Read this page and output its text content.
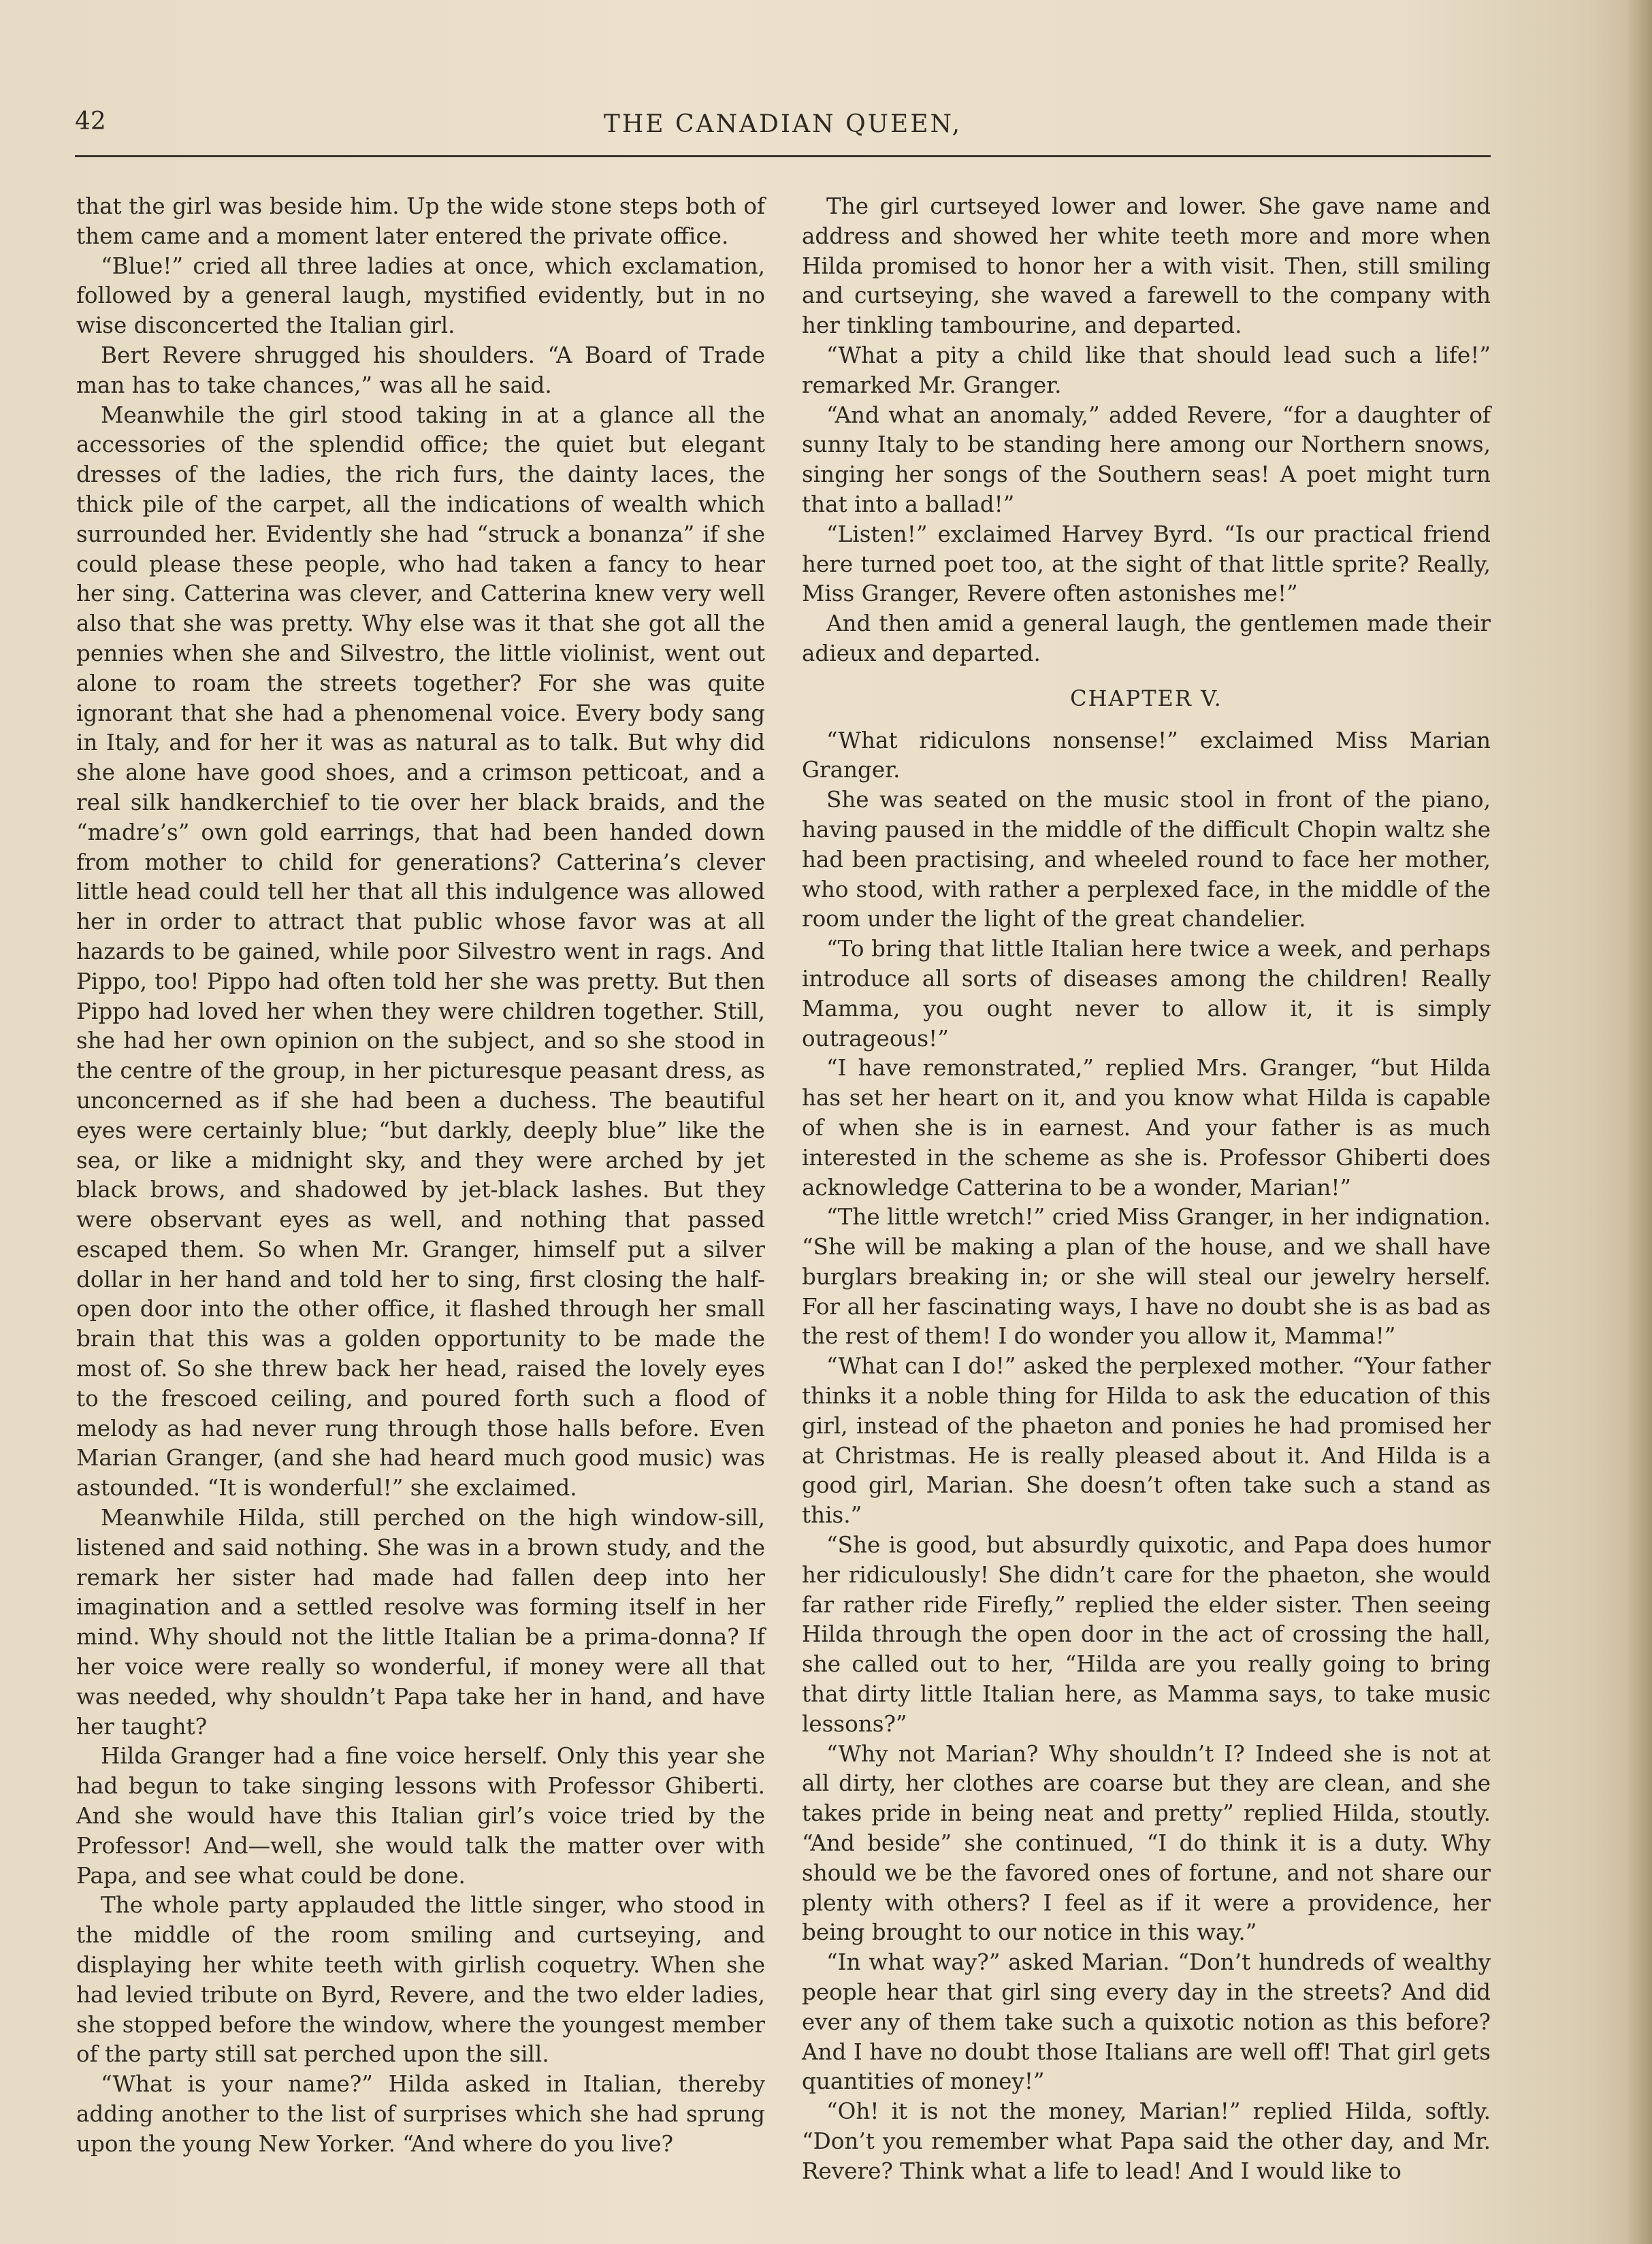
42	THE CANADIAN QUEEN,

that the girl was beside him. Up the wide stone steps both of them came and a moment later entered the private office.

“Blue!” cried all three ladies at once, which exclamation, followed by a general laugh, mystified evidently, but in no wise disconcerted the Italian girl.

Bert Revere shrugged his shoulders. “A Board of Trade man has to take chances,” was all he said.

Meanwhile the girl stood taking in at a glance all the accessories of the splendid office; the quiet but elegant dresses of the ladies, the rich furs, the dainty laces, the thick pile of the carpet, all the indications of wealth which surrounded her. Evidently she had “struck a bonanza” if she could please these people, who had taken a fancy to hear her sing. Catterina was clever, and Catterina knew very well also that she was pretty. Why else was it that she got all the pennies when she and Silvestro, the little violinist, went out alone to roam the streets together? For she was quite ignorant that she had a phenomenal voice. Every body sang in Italy, and for her it was as natural as to talk. But why did she alone have good shoes, and a crimson petticoat, and a real silk handkerchief to tie over her black braids, and the “madre’s” own gold earrings, that had been handed down from mother to child for generations? Catterina’s clever little head could tell her that all this indulgence was allowed her in order to attract that public whose favor was at all hazards to be gained, while poor Silvestro went in rags. And Pippo, too! Pippo had often told her she was pretty. But then Pippo had loved her when they were children together. Still, she had her own opinion on the subject, and so she stood in the centre of the group, in her picturesque peasant dress, as unconcerned as if she had been a duchess. The beautiful eyes were certainly blue; “but darkly, deeply blue” like the sea, or like a midnight sky, and they were arched by jet black brows, and shadowed by jet-black lashes. But they were observant eyes as well, and nothing that passed escaped them. So when Mr. Granger, himself put a silver dollar in her hand and told her to sing, first closing the half-open door into the other office, it flashed through her small brain that this was a golden opportunity to be made the most of. So she threw back her head, raised the lovely eyes to the frescoed ceiling, and poured forth such a flood of melody as had never rung through those halls before. Even Marian Granger, (and she had heard much good music) was astounded. “It is wonderful!” she exclaimed.

Meanwhile Hilda, still perched on the high window-sill, listened and said nothing. She was in a brown study, and the remark her sister had made had fallen deep into her imagination and a settled resolve was forming itself in her mind. Why should not the little Italian be a prima-donna? If her voice were really so wonderful, if money were all that was needed, why shouldn’t Papa take her in hand, and have her taught?

Hilda Granger had a fine voice herself. Only this year she had begun to take singing lessons with Professor Ghiberti. And she would have this Italian girl’s voice tried by the Professor! And—well, she would talk the matter over with Papa, and see what could be done.

The whole party applauded the little singer, who stood in the middle of the room smiling and curtseying, and displaying her white teeth with girlish coquetry. When she had levied tribute on Byrd, Revere, and the two elder ladies, she stopped before the window, where the youngest member of the party still sat perched upon the sill.

“What is your name?” Hilda asked in Italian, thereby adding another to the list of surprises which she had sprung upon the young New Yorker. “And where do you live?

The girl curtseyed lower and lower. She gave name and address and showed her white teeth more and more when Hilda promised to honor her a with visit. Then, still smiling and curtseying, she waved a farewell to the company with her tinkling tambourine, and departed.

“What a pity a child like that should lead such a life!” remarked Mr. Granger.

“And what an anomaly,” added Revere, “for a daughter of sunny Italy to be standing here among our Northern snows, singing her songs of the Southern seas! A poet might turn that into a ballad!”

“Listen!” exclaimed Harvey Byrd. “Is our practical friend here turned poet too, at the sight of that little sprite? Really, Miss Granger, Revere often astonishes me!”

And then amid a general laugh, the gentlemen made their adieux and departed.

CHAPTER V.

“What ridiculons nonsense!” exclaimed Miss Marian Granger.

She was seated on the music stool in front of the piano, having paused in the middle of the difficult Chopin waltz she had been practising, and wheeled round to face her mother, who stood, with rather a perplexed face, in the middle of the room under the light of the great chandelier.

“To bring that little Italian here twice a week, and perhaps introduce all sorts of diseases among the children! Really Mamma, you ought never to allow it, it is simply outrageous!”

“I have remonstrated,” replied Mrs. Granger, “but Hilda has set her heart on it, and you know what Hilda is capable of when she is in earnest. And your father is as much interested in the scheme as she is. Professor Ghiberti does acknowledge Catterina to be a wonder, Marian!”

“The little wretch!” cried Miss Granger, in her indignation. “She will be making a plan of the house, and we shall have burglars breaking in; or she will steal our jewelry herself. For all her fascinating ways, I have no doubt she is as bad as the rest of them! I do wonder you allow it, Mamma!”

“What can I do!” asked the perplexed mother. “Your father thinks it a noble thing for Hilda to ask the education of this girl, instead of the phaeton and ponies he had promised her at Christmas. He is really pleased about it. And Hilda is a good girl, Marian. She doesn’t often take such a stand as this.”

“She is good, but absurdly quixotic, and Papa does humor her ridiculously! She didn’t care for the phaeton, she would far rather ride Firefly,” replied the elder sister. Then seeing Hilda through the open door in the act of crossing the hall, she called out to her, “Hilda are you really going to bring that dirty little Italian here, as Mamma says, to take music lessons?”

“Why not Marian? Why shouldn’t I? Indeed she is not at all dirty, her clothes are coarse but they are clean, and she takes pride in being neat and pretty” replied Hilda, stoutly. “And beside” she continued, “I do think it is a duty. Why should we be the favored ones of fortune, and not share our plenty with others? I feel as if it were a providence, her being brought to our notice in this way.”

“In what way?” asked Marian. “Don’t hundreds of wealthy people hear that girl sing every day in the streets? And did ever any of them take such a quixotic notion as this before? And I have no doubt those Italians are well off! That girl gets quantities of money!”

“Oh! it is not the money, Marian!” replied Hilda, softly. “Don’t you remember what Papa said the other day, and Mr. Revere? Think what a life to lead! And I would like to
